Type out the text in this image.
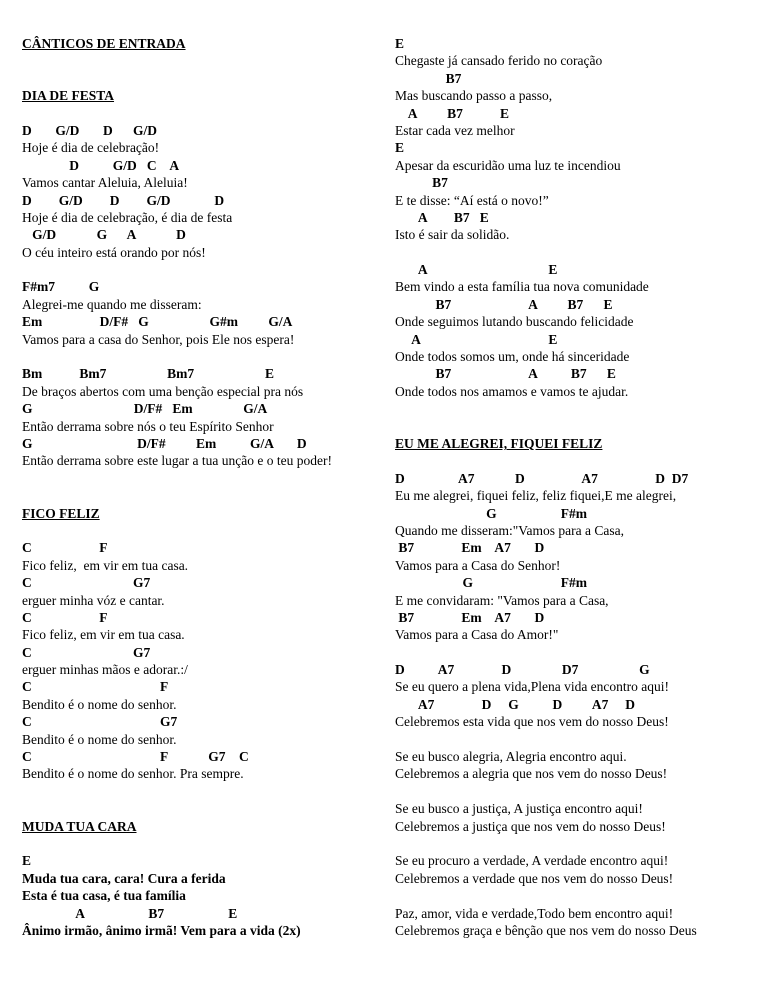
CÂNTICOS DE ENTRADA
DIA DE FESTA
D       G/D       D      G/D
Hoje é dia de celebração!
D          G/D   C    A
Vamos cantar Aleluia, Aleluia!
D        G/D        D        G/D             D
Hoje é dia de celebração, é dia de festa
G/D            G      A            D
O céu inteiro está orando por nós!
F#m7          G
Alegrei-me quando me disseram:
Em                 D/F#   G                  G#m         G/A
Vamos para a casa do Senhor, pois Ele nos espera!
Bm           Bm7                  Bm7                     E
De braços abertos com uma benção especial pra nós
G                              D/F#   Em               G/A
Então derrama sobre nós o teu Espírito Senhor
G                               D/F#         Em          G/A       D
Então derrama sobre este lugar a tua unção e o teu poder!
FICO FELIZ
C                    F
Fico feliz,  em vir em tua casa.
C                              G7
erguer minha vóz e cantar.
C                    F
Fico feliz, em vir em tua casa.
C                              G7
erguer minhas mãos e adorar.:/
C                                      F
Bendito é o nome do senhor.
C                                      G7
Bendito é o nome do senhor.
C                                      F            G7    C
Bendito é o nome do senhor. Pra sempre.
MUDA TUA CARA
E
Muda tua cara, cara! Cura a ferida
Esta é tua casa, é tua família
A                   B7                   E
Ânimo irmão, ânimo irmã! Vem para a vida (2x)
E
Chegaste já cansado ferido no coração
B7
Mas buscando passo a passo,
A         B7           E
Estar cada vez melhor
E
Apesar da escuridão uma luz te incendiou
B7
E te disse: “Aí está o novo!”
A        B7   E
Isto é sair da solidão.
A                                    E
Bem vindo a esta família tua nova comunidade
B7                       A         B7      E
Onde seguimos lutando buscando felicidade
A                                      E
Onde todos somos um, onde há sinceridade
B7                       A          B7      E
Onde todos nos amamos e vamos te ajudar.
EU ME ALEGREI, FIQUEI FELIZ
D                A7            D                 A7                 D  D7
Eu me alegrei, fiquei feliz, feliz fiquei,E me alegrei,
G                   F#m
Quando me disseram:"Vamos para a Casa,
B7              Em    A7       D
Vamos para a Casa do Senhor!
G                          F#m
E me convidaram: "Vamos para a Casa,
B7              Em    A7       D
Vamos para a Casa do Amor!"
D          A7              D               D7                  G
Se eu quero a plena vida,Plena vida encontro aqui!
A7              D     G          D         A7     D
Celebremos esta vida que nos vem do nosso Deus!
Se eu busco alegria, Alegria encontro aqui.
Celebremos a alegria que nos vem do nosso Deus!
Se eu busco a justiça, A justiça encontro aqui!
Celebremos a justiça que nos vem do nosso Deus!
Se eu procuro a verdade, A verdade encontro aqui!
Celebremos a verdade que nos vem do nosso Deus!
Paz, amor, vida e verdade,Todo bem encontro aqui!
Celebremos graça e bênção que nos vem do nosso Deus
